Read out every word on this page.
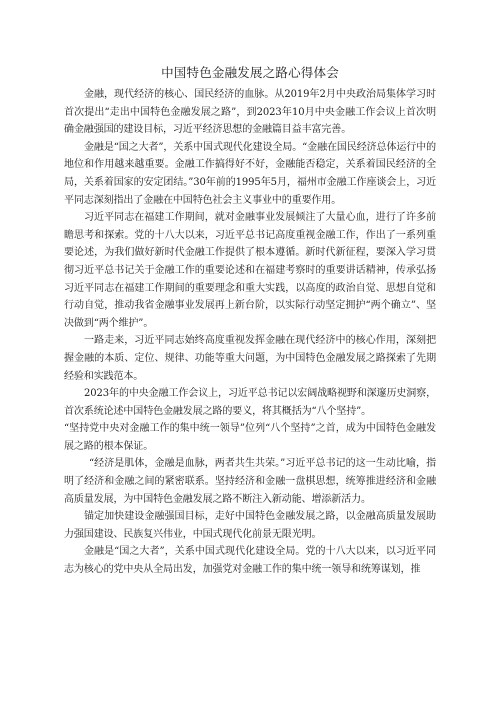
中国特色金融发展之路心得体会

金融，现代经济的核心、国民经济的血脉。从2019年2月中央政治局集体学习时首次提出“走出中国特色金融发展之路”，到2023年10月中央金融工作会议上首次明确金融强国的建设目标，习近平经济思想的金融篇目益丰富完善。

金融是“国之大者”，关系中国式现代化建设全局。“金融在国民经济总体运行中的地位和作用越来越重要。金融工作搞得好不好，金融能否稳定，关系着国民经济的全局，关系着国家的安定团结。”30年前的1995年5月，福州市金融工作座谈会上，习近平同志深刻指出了金融在中国特色社会主义事业中的重要作用。

习近平同志在福建工作期间，就对金融事业发展倾注了大量心血，进行了许多前瞻思考和探索。党的十八大以来，习近平总书记高度重视金融工作，作出了一系列重要论述，为我们做好新时代金融工作提供了根本遵循。新时代新征程，要深入学习贯彻习近平总书记关于金融工作的重要论述和在福建考察时的重要讲话精神，传承弘扬习近平同志在福建工作期间的重要理念和重大实践，以高度的政治自觉、思想自觉和行动自觉，推动我省金融事业发展再上新台阶，以实际行动坚定拥护“两个确立”、坚决做到“两个维护”。

一路走来，习近平同志始终高度重视发挥金融在现代经济中的核心作用，深刻把握金融的本质、定位、规律、功能等重大问题，为中国特色金融发展之路探索了先期经验和实践范本。

2023年的中央金融工作会议上，习近平总书记以宏阔战略视野和深邃历史洞察，首次系统论述中国特色金融发展之路的要义，将其概括为“八个坚持”。

“坚持党中央对金融工作的集中统一领导”位列“八个坚持”之首，成为中国特色金融发展之路的根本保证。

“经济是肌体，金融是血脉，两者共生共荣。”习近平总书记的这一生动比喻，指明了经济和金融之间的紧密联系。坚持经济和金融一盘棋思想，统筹推进经济和金融高质量发展，为中国特色金融发展之路不断注入新动能、增添新活力。

锚定加快建设金融强国目标，走好中国特色金融发展之路，以金融高质量发展助力强国建设、民族复兴伟业，中国式现代化前景无限光明。

金融是“国之大者”，关系中国式现代化建设全局。党的十八大以来，以习近平同志为核心的党中央从全局出发，加强党对金融工作的集中统一领导和统筹谋划，推
